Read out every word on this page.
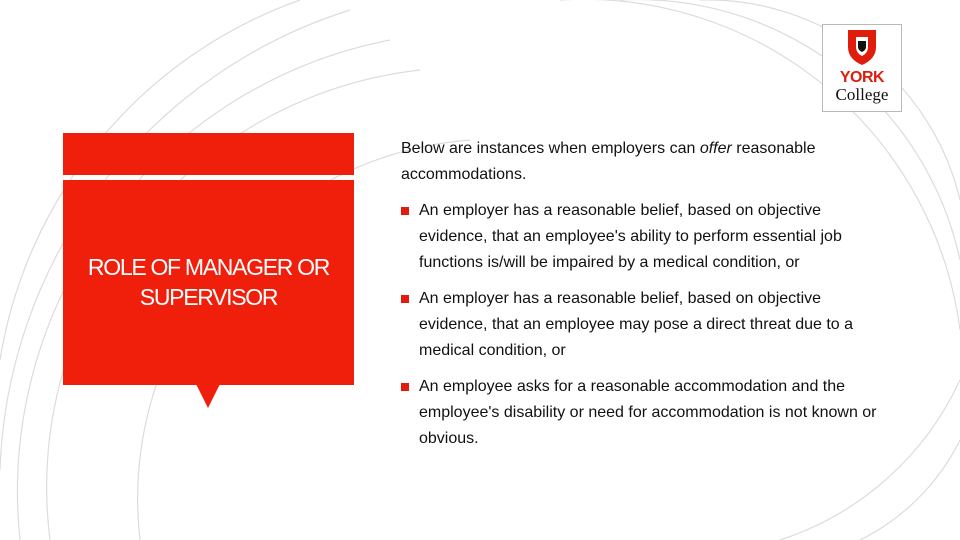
ROLE OF MANAGER OR SUPERVISOR
YORK
College

Below are instances when employers can offer reasonable accommodations.

An employer has a reasonable belief, based on objective evidence, that an employee's ability to perform essential job functions is/will be impaired by a medical condition, or
An employer has a reasonable belief, based on objective evidence, that an employee may pose a direct threat due to a medical condition, or
An employee asks for a reasonable accommodation and the employee's disability or need for accommodation is not known or obvious.
